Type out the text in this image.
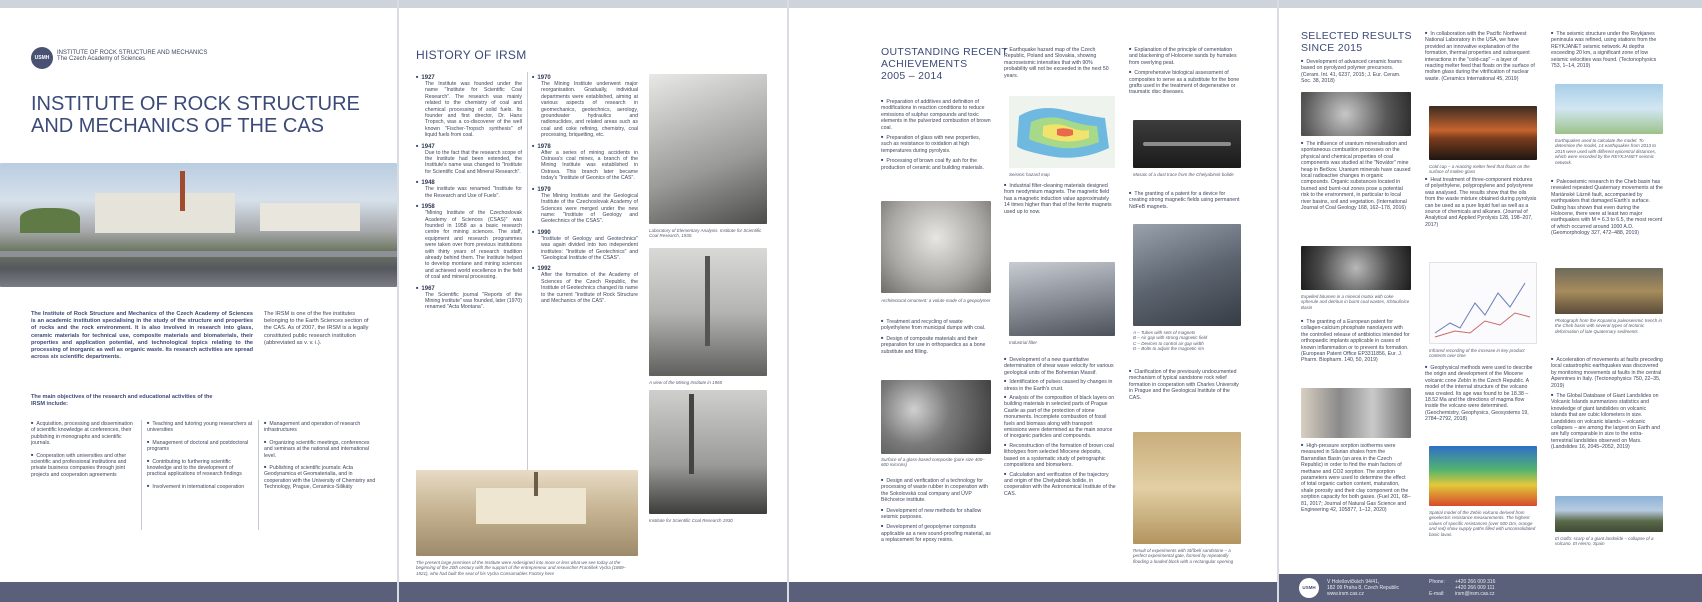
USMH
INSTITUTE OF ROCK STRUCTURE AND MECHANICS
The Czech Academy of Sciences
INSTITUTE OF ROCK STRUCTURE
AND MECHANICS OF THE CAS
The Institute of Rock Structure and Mechanics of the Czech Academy of Sciences is an academic institution specialising in the study of the structure and properties of rocks and the rock environment. It is also involved in research into glass, ceramic materials for technical use, composite materials and biomaterials, their properties and application potential, and technological topics relating to the processing of inorganic as well as organic waste. Its research activities are spread across six scientific departments.
The IRSM is one of the five institutes belonging to the Earth Sciences section of the CAS. As of 2007, the IRSM is a legally constituted public research institution (abbreviated as v. v. i.).
The main objectives of the research and educational activities of the IRSM include:
■ Acquisition, processing and dissemination of scientific knowledge at conferences, their publishing in monographs and scientific journals.
■ Cooperation with universities and other scientific and professional institutions and private business companies through joint projects and cooperation agreements
■ Teaching and tutoring young researchers at universities
■ Management of doctoral and postdoctoral programs
■ Contributing to furthering scientific knowledge and to the development of practical applications of research findings
■ Involvement in international cooperation
■ Management and operation of research infrastructures
■ Organizing scientific meetings, conferences and seminars at the national and international level.
■ Publishing of scientific journals: Acta Geodynamica et Geomaterialia, and in cooperation with the University of Chemistry and Technology, Prague, Ceramics-Silikáty
HISTORY OF IRSM
■ 1927
The Institute was founded under the name "Institute for Scientific Coal Research". The research was mainly related to the chemistry of coal and chemical processing of solid fuels. Its founder and first director, Dr. Hans Tropsch, was a co-discoverer of the well known "Fischer-Tropsch synthesis" of liquid fuels from coal.
■ 1947
Due to the fact that the research scope of the Institute had been extended, the Institute's name was changed to "Institute for Scientific Coal and Mineral Research".
■ 1948
The institute was renamed "Institute for the Research and Use of Fuels".
■ 1958
"Mining Institute of the Czechoslovak Academy of Sciences (CSAS)" was founded in 1958 as a basic research centre for mining sciences. The staff, equipment and research programmes were taken over from previous institutions with thirty years of research tradition already behind them. The Institute helped to develop montane and mining sciences and achieved world excellence in the field of coal and mineral processing.
■ 1967
The Scientific journal "Reports of the Mining Institute" was founded, later (1970) renamed "Acta Montana".
■ 1970
The Mining Institute underwent major reorganisation. Gradually, individual departments were established, aiming at various aspects of research in geomechanics, geotechnics, aerology, groundwater hydraulics and radionuclides, and related areas such as coal and coke refining, chemistry, coal processing, briquetting, etc.
■ 1978
After a series of mining accidents in Ostrava's coal mines, a branch of the Mining Institute was established in Ostrava. This branch later became today's "Institute of Geonics of the CAS".
■ 1979
The Mining Institute and the Geological Institute of the Czechoslovak Academy of Sciences were merged under the new name: "Institute of Geology and Geotechnics of the CSAS".
■ 1990
"Institute of Geology and Geotechnics" was again divided into two independent institutes: "Institute of Geotechnics" and "Geological Institute of the CSAS".
■ 1992
After the formation of the Academy of Sciences of the Czech Republic, the Institute of Geotechnics changed its name to the current "Institute of Rock Structure and Mechanics of the CAS".
Laboratory of Elementary Analysis. Institute for Scientific Coal Research, 1930.
A view of the Mining Institute in 1965
Institute for Scientific Coal Research 1930
The present large premises of the Institute were redesigned into more or less what we see today at the beginning of the 20th century with the support of the entrepreneur and researcher František Vydra (1869–1921), who had built the seat of his Vydra Consumables Factory here
OUTSTANDING RECENT
ACHIEVEMENTS
2005 – 2014
■ Preparation of additives and definition of modifications in reaction conditions to reduce emissions of sulphur compounds and toxic elements in the pulverized combustion of brown coal.
■ Preparation of glass with new properties, such as resistance to oxidation at high temperatures during pyrolysis.
■ Processing of brown coal fly ash for the production of ceramic and building materials.
Architectural ornament: a volute made of a geopolymer
■ Treatment and recycling of waste polyethylene from municipal dumps with coal.
■ Design of composite materials and their preparation for use in orthopaedics as a bone substitute and filling.
Surface of a glass-based composite (pore size 400–600 microns)
■ Design and verification of a technology for processing of waste rubber in cooperation with the Sokolovská coal company and ÚVP Běchovice institute.
■ Development of new methods for shallow seismic purposes.
■ Development of geopolymer composits applicable as a new sound-proofing material, as a replacement for epoxy resins.
■ Earthquake hazard map of the Czech Republic, Poland and Slovakia, showing macroseismic intensities that with 90% probability will not be exceeded in the next 50 years.
Seismic hazard map
■ Industrial filter-cleaning materials designed from neodymium magnets. The magnetic field has a magnetic induction value approximately 14 times higher than that of the ferrite magnets used up to now.
Industrial filter
■ Development of a new quantitative determination of shear wave velocity for various geological units of the Bohemian Massif.
■ Identification of pulses caused by changes in stress in the Earth's crust.
■ Analysis of the composition of black layers on building materials in selected parts of Prague Castle as part of the protection of stone monuments. Incomplete combustion of fossil fuels and biomass along with transport emissions were determined as the main source of inorganic particles and compounds.
■ Reconstruction of the formation of brown coal lithotypes from selected Miocene deposits, based on a systematic study of petrographic compositions and biomarkers.
■ Calculation and verification of the trajectory and origin of the Chelyabinsk bolide, in cooperation with the Astronomical Institute of the CAS.
■ Explanation of the principle of cementation and blackening of Holocene sands by humates from overlying peat.
■ Comprehensive biological assessment of composites to serve as a substitute for the bone grafts used in the treatment of degenerative or traumatic disc diseases.
Mosaic of a dust trace from the Chelyabinsk bolide
■ The granting of a patent for a device for creating strong magnetic fields using permanent NdFeB magnets.
A – Tubes with sets of magnets
B – Air gap with strong magnetic field
C – Devices to control air gap width
D – Bolts to adjust the magnetic rim
■ Clarification of the previously undocumented mechanism of typical sandstone rock relief formation in cooperation with Charles University in Prague and the Geological Institute of the CAS.
Result of experiments with Stříbelí sandstone – a perfect experimental gate, formed by repeatedly flooding a loaded block with a rectangular opening
SELECTED RESULTS
SINCE 2015
■ Development of advanced ceramic foams based on pyrolyzed polymer precursors. (Ceram. Int. 41, 6237, 2015; J. Eur. Ceram. Soc. 38, 2018)
■ The influence of uranium mineralisation and spontaneous combustion processes on the physical and chemical properties of coal components was studied at the "Novátor" mine heap in Bečkov. Uranium minerals have caused local radioactive changes in organic compounds. Organic substances located in burned and burnt-out zones pose a potential risk to the environment, in particular to local river basins, soil and vegetation. (International Journal of Coal Geology 168, 162–178, 2016)
Expelled bitumen in a mineral matrix with coke spherule and detritus in burnt coal wastes, Ichtoušnice Basin
■ The granting of a European patent for collagen-calcium phosphate nanolayers with the controlled release of antibiotics intended for orthopaedic implants applicable in cases of known inflammation or to prevent its formation. (European Patent Office EP3311856, Eur. J. Pharm. Biopharm. 140, 50, 2019)
■ High-pressure sorption isotherms were measured in Silurian shales from the Barrandian Basin (an area in the Czech Republic) in order to find the main factors of methane and CO2 sorption. The sorption parameters were used to determine the effect of total organic carbon content, maturation, shale porosity and their clay component on the sorption capacity for both gases. (Fuel 201, 68–81, 2017; Journal of Natural Gas Science and Engineering 42, 105877, 1–12, 2020)
■ In collaboration with the Pacific Northwest National Laboratory in the USA, we have provided an innovative explanation of the formation, thermal properties and subsequent interactions in the "cold-cap" – a layer of reacting melter feed that floats on the surface of molten glass during the vitrification of nuclear waste. (Ceramics International 45, 2019)
Cold cap – a reacting melter feed that floats on the surface of molten glass
■ Heat treatment of three-component mixtures of polyethylene, polypropylene and polystyrene was analysed. The results show that the oils from the waste mixture obtained during pyrolysis can be used as a pure liquid fuel as well as a source of chemicals and alkanes. (Journal of Analytical and Applied Pyrolysis 128, 198–207, 2017)
Infrared recording of the increase in key product contents over time
■ Geophysical methods were used to describe the origin and development of the Miocene volcanic cone Zebín in the Czech Republic. A model of the internal structure of the volcano was created. Its age was found to be 18.38 – 18.52 Ma and the directions of magma flow inside the volcano were determined. (Geochemistry, Geophysics, Geosystems 19, 2784–2792, 2018)
Spatial model of the Zebín volcano derived from geoelectric resistance measurements. The highest values of specific resistances (over 500 Ωm, orange and red) show supply paths filled with unconsolidated basic lavas.
■ The seismic structure under the Reykjanes peninsula was refined, using stations from the REYKJANET seismic network. At depths exceeding 20 km, a significant zone of low seismic velocities was found. (Tectonophysics 753, 1–14, 2019)
Earthquakes used to calculate the model. To determine the model, 14 earthquakes from 2013 to 2015 were used with different epicentral distances, which were recorded by the REYKJANET seismic network.
■ Paleoseismic research in the Cheb basin has revealed repeated Quaternary movements at the Mariánské Lázně fault, accompanied by earthquakes that damaged Earth's surface. Dating has shown that even during the Holocene, there were at least two major earthquakes with M = 6.3 to 6.5, the most recent of which occurred around 1000 A.D. (Geomorphology 327, 472–488, 2019)
Photograph from the Kopanina paleoseismic trench in the Cheb basin with several types of tectonic deformation of late Quaternary sediments
■ Acceleration of movements at faults preceding local catastrophic earthquakes was discovered by monitoring movements at faults in the central Apennines in Italy. (Tectonophysics 750, 22–35, 2019)
■ The Global Database of Giant Landslides on Volcanic Islands summarizes statistics and knowledge of giant landslides on volcanic islands that are cubic kilometers in size. Landslides on volcanic islands – volcanic collapses – are among the largest on Earth and are fully comparable in size to the extra-terrestrial landslides observed on Mars. (Landslides 16, 2045–2052, 2019)
El Golfo: scarp of a giant landslide – collapse of a volcano. El Hierro, Spain
USMH
V Holešovičkách 94/41,
182 09 Praha 8, Czech Republic
www.irsm.cas.cz
Phone: +420 266 009 316
+420 266 009 111
E-mail: irsm@irsm.cas.cz
